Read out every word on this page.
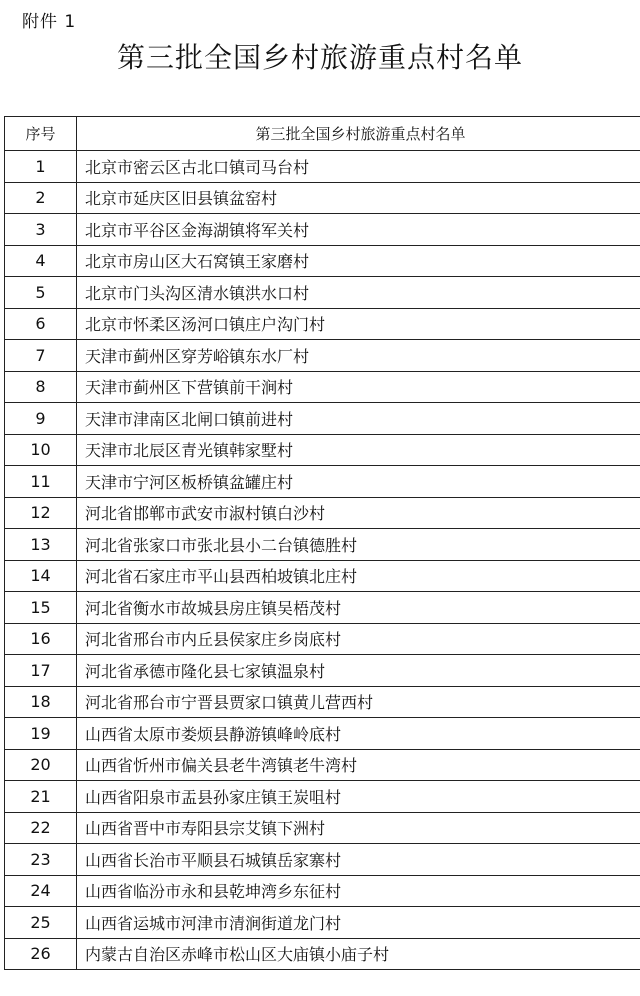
附件 1
第三批全国乡村旅游重点村名单
序号	第三批全国乡村旅游重点村名单
1	北京市密云区古北口镇司马台村
2	北京市延庆区旧县镇盆窑村
3	北京市平谷区金海湖镇将军关村
4	北京市房山区大石窝镇王家磨村
5	北京市门头沟区清水镇洪水口村
6	北京市怀柔区汤河口镇庄户沟门村
7	天津市蓟州区穿芳峪镇东水厂村
8	天津市蓟州区下营镇前干涧村
9	天津市津南区北闸口镇前进村
10	天津市北辰区青光镇韩家墅村
11	天津市宁河区板桥镇盆罐庄村
12	河北省邯郸市武安市淑村镇白沙村
13	河北省张家口市张北县小二台镇德胜村
14	河北省石家庄市平山县西柏坡镇北庄村
15	河北省衡水市故城县房庄镇吴梧茂村
16	河北省邢台市内丘县侯家庄乡岗底村
17	河北省承德市隆化县七家镇温泉村
18	河北省邢台市宁晋县贾家口镇黄儿营西村
19	山西省太原市娄烦县静游镇峰岭底村
20	山西省忻州市偏关县老牛湾镇老牛湾村
21	山西省阳泉市盂县孙家庄镇王炭咀村
22	山西省晋中市寿阳县宗艾镇下洲村
23	山西省长治市平顺县石城镇岳家寨村
24	山西省临汾市永和县乾坤湾乡东征村
25	山西省运城市河津市清涧街道龙门村
26	内蒙古自治区赤峰市松山区大庙镇小庙子村
